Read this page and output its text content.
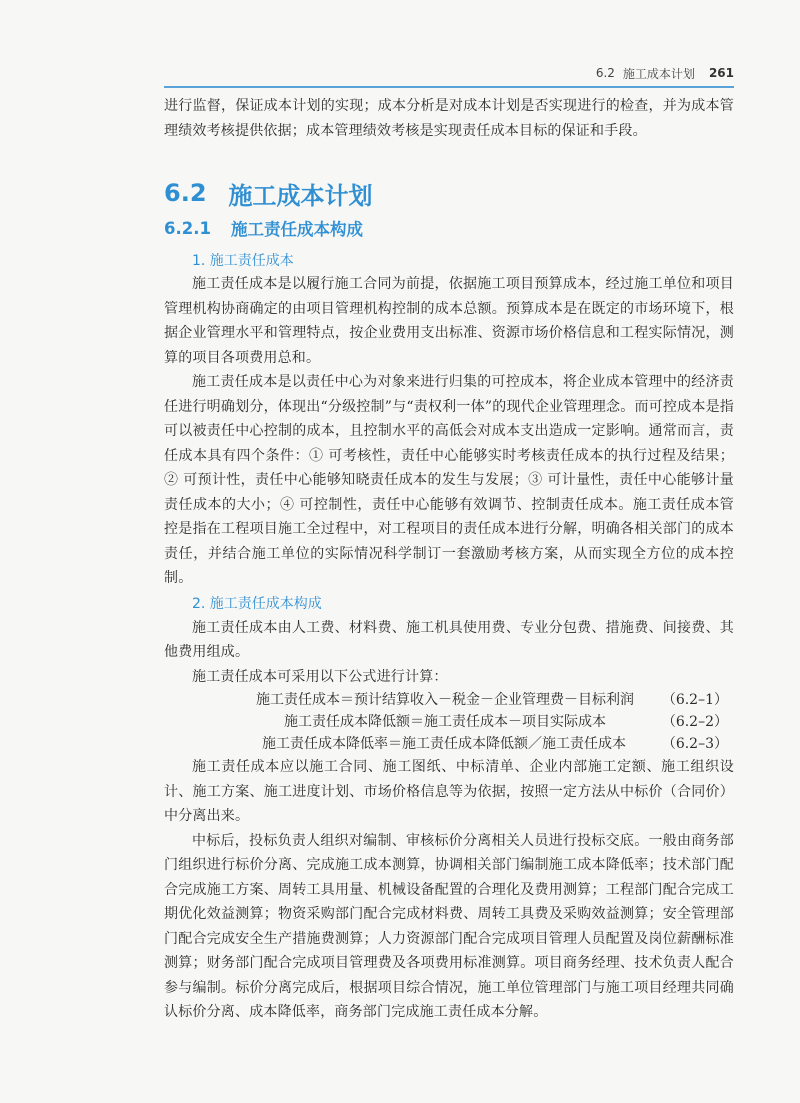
6.2 施工成本计划 261

进行监督，保证成本计划的实现；成本分析是对成本计划是否实现进行的检查，并为成本管理绩效考核提供依据；成本管理绩效考核是实现责任成本目标的保证和手段。

6.2 施工成本计划
6.2.1 施工责任成本构成
1. 施工责任成本

施工责任成本是以履行施工合同为前提，依据施工项目预算成本，经过施工单位和项目管理机构协商确定的由项目管理机构控制的成本总额。预算成本是在既定的市场环境下，根据企业管理水平和管理特点，按企业费用支出标准、资源市场价格信息和工程实际情况，测算的项目各项费用总和。

施工责任成本是以责任中心为对象来进行归集的可控成本，将企业成本管理中的经济责任进行明确划分，体现出“分级控制”与“责权利一体”的现代企业管理理念。而可控成本是指可以被责任中心控制的成本，且控制水平的高低会对成本支出造成一定影响。通常而言，责任成本具有四个条件：① 可考核性，责任中心能够实时考核责任成本的执行过程及结果；② 可预计性，责任中心能够知晓责任成本的发生与发展；③ 可计量性，责任中心能够计量责任成本的大小；④ 可控制性，责任中心能够有效调节、控制责任成本。施工责任成本管控是指在工程项目施工全过程中，对工程项目的责任成本进行分解，明确各相关部门的成本责任，并结合施工单位的实际情况科学制订一套激励考核方案，从而实现全方位的成本控制。

2. 施工责任成本构成

施工责任成本由人工费、材料费、施工机具使用费、专业分包费、措施费、间接费、其他费用组成。

施工责任成本可采用以下公式进行计算：

施工责任成本＝预计结算收入－税金－企业管理费－目标利润 （6.2–1）
施工责任成本降低额＝施工责任成本－项目实际成本	（6.2–2）
施工责任成本降低率＝施工责任成本降低额／施工责任成本	（6.2–3）

施工责任成本应以施工合同、施工图纸、中标清单、企业内部施工定额、施工组织设计、施工方案、施工进度计划、市场价格信息等为依据，按照一定方法从中标价（合同价）中分离出来。

中标后，投标负责人组织对编制、审核标价分离相关人员进行投标交底。一般由商务部门组织进行标价分离、完成施工成本测算，协调相关部门编制施工成本降低率；技术部门配合完成施工方案、周转工具用量、机械设备配置的合理化及费用测算；工程部门配合完成工期优化效益测算；物资采购部门配合完成材料费、周转工具费及采购效益测算；安全管理部门配合完成安全生产措施费测算；人力资源部门配合完成项目管理人员配置及岗位薪酬标准测算；财务部门配合完成项目管理费及各项费用标准测算。项目商务经理、技术负责人配合参与编制。标价分离完成后，根据项目综合情况，施工单位管理部门与施工项目经理共同确认标价分离、成本降低率，商务部门完成施工责任成本分解。
